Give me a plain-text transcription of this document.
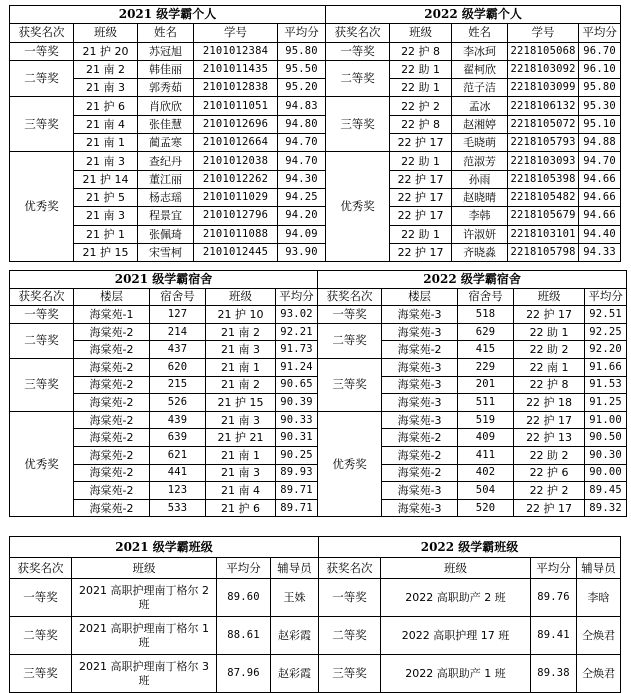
2021 级学霸个人					2022 级学霸个人				
获奖名次	班级	姓名	学号	平均分	获奖名次	班级	姓名	学号	平均分
一等奖	21 护 20	苏冠旭	2101012384	95.80	一等奖	22 护 8	李冰珂	2218105068	96.70
二等奖	21 南 2	韩佳丽	2101011435	95.50	二等奖	22 助 1	翟柯欣	2218103092	96.10
	21 南 3	郭秀茹	2101012838	95.20		22 助 1	范子洁	2218103099	95.80
三等奖	21 护 6	肖欣欣	2101011051	94.83	三等奖	22 护 2	孟冰	2218106132	95.30
	21 南 4	张佳慧	2101012696	94.80		22 护 8	赵湘婷	2218105072	95.10
	21 南 1	蔺孟寒	2101012664	94.70		22 护 17	毛晓萌	2218105793	94.88
优秀奖	21 南 3	查纪丹	2101012038	94.70	优秀奖	22 助 1	范淑芳	2218103093	94.70
	21 护 14	董江丽	2101012262	94.30		22 护 17	孙雨	2218105398	94.66
	21 护 5	杨志瑶	2101011029	94.25		22 护 17	赵晓晴	2218105482	94.66
	21 南 3	程景宜	2101012796	94.20		22 护 17	李韩	2218105679	94.66
	21 护 1	张佩琦	2101011088	94.09		22 助 1	许淑妍	2218103101	94.40
	21 护 15	宋雪柯	2101012445	93.90		22 护 17	齐晓淼	2218105798	94.33
2021 级学霸宿舍					2022 级学霸宿舍				
获奖名次	楼层	宿舍号	班级	平均分	获奖名次	楼层	宿舍号	班级	平均分
一等奖	海棠苑-1	127	21 护 10	93.02	一等奖	海棠苑-3	518	22 护 17	92.51
二等奖	海棠苑-2	214	21 南 2	92.21	二等奖	海棠苑-3	629	22 助 1	92.25
	海棠苑-2	437	21 南 3	91.73		海棠苑-2	415	22 助 2	92.20
三等奖	海棠苑-2	620	21 南 1	91.24	三等奖	海棠苑-3	229	22 南 1	91.66
	海棠苑-2	215	21 南 2	90.65		海棠苑-3	201	22 护 8	91.53
	海棠苑-2	526	21 护 15	90.39		海棠苑-3	511	22 护 18	91.25
优秀奖	海棠苑-2	439	21 南 3	90.33	优秀奖	海棠苑-3	519	22 护 17	91.00
	海棠苑-2	639	21 护 21	90.31		海棠苑-2	409	22 护 13	90.50
	海棠苑-2	621	21 南 1	90.25		海棠苑-2	411	22 助 2	90.30
	海棠苑-2	441	21 南 3	89.93		海棠苑-2	402	22 护 6	90.00
	海棠苑-2	123	21 南 4	89.71		海棠苑-3	504	22 护 2	89.45
	海棠苑-2	533	21 护 6	89.71		海棠苑-3	520	22 护 17	89.32
2021 级学霸班级				2022 级学霸班级			
获奖名次	班级	平均分	辅导员	获奖名次	班级	平均分	辅导员
一等奖	2021 高职护理南丁格尔 2 班	89.60	王姝	一等奖	2022 高职助产 2 班	89.76	李晗
二等奖	2021 高职护理南丁格尔 1 班	88.61	赵彩霞	二等奖	2022 高职护理 17 班	89.41	仝焕君
三等奖	2021 高职护理南丁格尔 3 班	87.96	赵彩霞	三等奖	2022 高职助产 1 班	89.38	仝焕君
